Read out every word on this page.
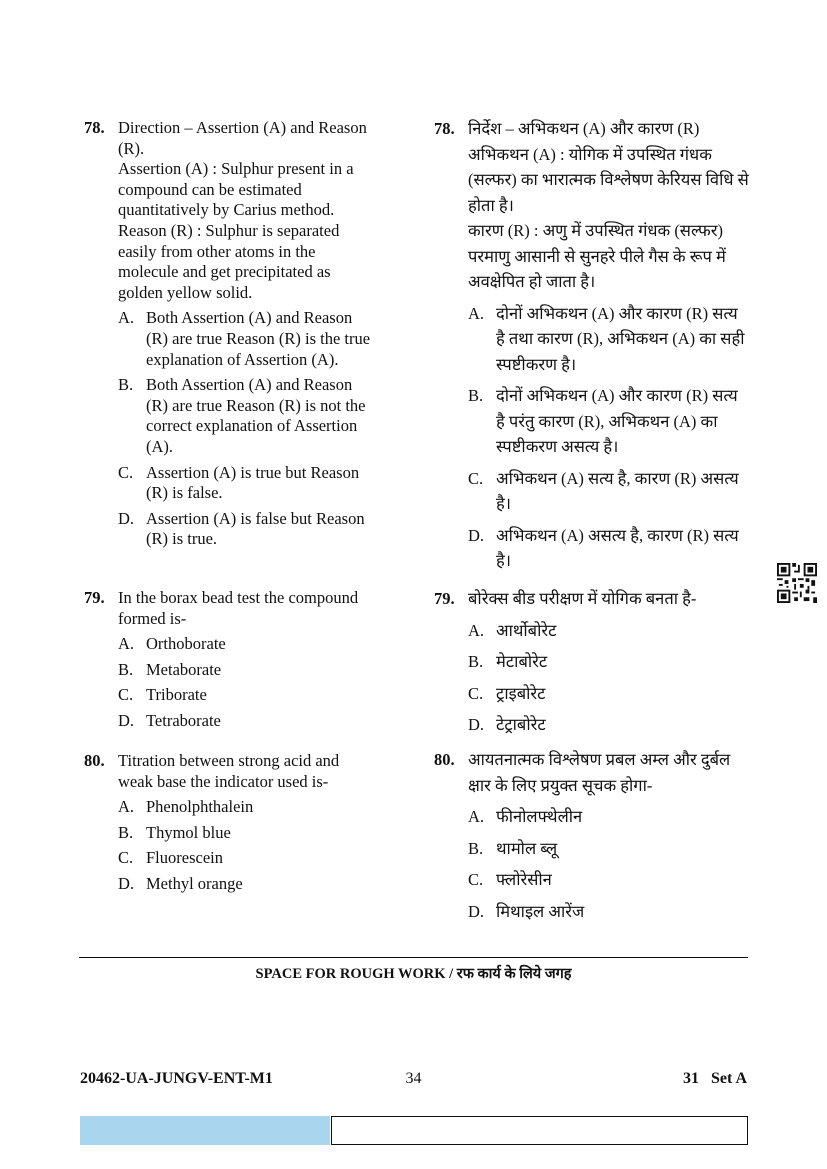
78. Direction – Assertion (A) and Reason
(R).
Assertion (A) : Sulphur present in a
compound can be estimated
quantitatively by Carius method.
Reason (R) : Sulphur is separated
easily from other atoms in the
molecule and get precipitated as
golden yellow solid.
A. Both Assertion (A) and Reason
(R) are true Reason (R) is the true
explanation of Assertion (A).
B. Both Assertion (A) and Reason
(R) are true Reason (R) is not the
correct explanation of Assertion
(A).
C. Assertion (A) is true but Reason
(R) is false.
D. Assertion (A) is false but Reason
(R) is true.
79. In the borax bead test the compound
formed is-
A. Orthoborate
B. Metaborate
C. Triborate
D. Tetraborate
80. Titration between strong acid and
weak base the indicator used is-
A. Phenolphthalein
B. Thymol blue
C. Fluorescein
D. Methyl orange
78. निर्देश – अभिकथन (A) और कारण (R)
अभिकथन (A) : योगिक में उपस्थित गंधक
(सल्फर) का भारात्मक विश्लेषण केरियस विधि से
होता है।
कारण (R) : अणु में उपस्थित गंधक (सल्फर)
परमाणु आसानी से सुनहरे पीले गैस के रूप में
अवक्षेपित हो जाता है।
A. दोनों अभिकथन (A) और कारण (R) सत्य
है तथा कारण (R), अभिकथन (A) का सही
स्पष्टीकरण है।
B. दोनों अभिकथन (A) और कारण (R) सत्य
है परंतु कारण (R), अभिकथन (A) का
स्पष्टीकरण असत्य है।
C. अभिकथन (A) सत्य है, कारण (R) असत्य
है।
D. अभिकथन (A) असत्य है, कारण (R) सत्य
है।
79. बोरेक्स बीड परीक्षण में योगिक बनता है-
A. आर्थोबोरेट
B. मेटाबोरेट
C. ट्राइबोरेट
D. टेट्राबोरेट
80. आयतनात्मक विश्लेषण प्रबल अम्ल और दुर्बल
क्षार के लिए प्रयुक्त सूचक होगा-
A. फीनोलफ्थेलीन
B. थामोल ब्लू
C. फ्लोरेसीन
D. मिथाइल आरेंज
SPACE FOR ROUGH WORK / रफ कार्य के लिये जगह
20462-UA-JUNGV-ENT-M1	34	31   Set A
